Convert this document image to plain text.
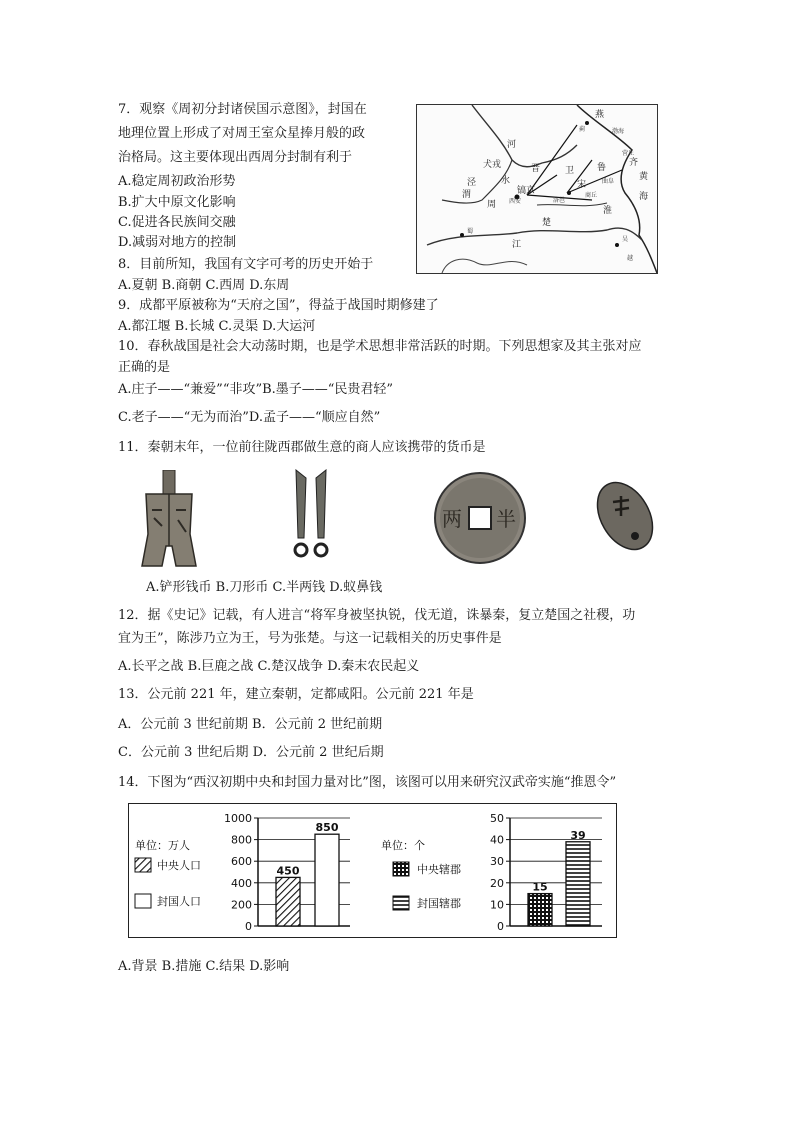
7．观察《周初分封诸侯国示意图》，封国在
地理位置上形成了对周王室众星捧月般的政
治格局。这主要体现出西周分封制有利于
A.稳定周初政治形势
B.扩大中原文化影响
C.促进各民族间交融
D.减弱对地方的控制
燕
犬戎	晋	卫	鲁	齐
宋
镐京
周
河
泾	水
江
渭
渤海
黄
海
蓟
洛邑
曲阜
营丘
楚
越
商丘
西安
淮
蜀
吴
8．目前所知，我国有文字可考的历史开始于
A.夏朝 B.商朝 C.西周 D.东周
9．成都平原被称为“天府之国”，得益于战国时期修建了
A.都江堰 B.长城 C.灵渠 D.大运河
10．春秋战国是社会大动荡时期，也是学术思想非常活跃的时期。下列思想家及其主张对应
正确的是
A.庄子——“兼爱”“非攻”B.墨子——“民贵君轻”
C.老子——“无为而治”D.孟子——“顺应自然”
11．秦朝末年，一位前往陇西郡做生意的商人应该携带的货币是
两 半
A.铲形钱币 B.刀形币 C.半两钱 D.蚁鼻钱
12．据《史记》记载，有人进言“将军身被坚执锐，伐无道，诛暴秦，复立楚国之社稷，功
宜为王”，陈涉乃立为王，号为张楚。与这一记载相关的历史事件是
A.长平之战 B.巨鹿之战 C.楚汉战争 D.秦末农民起义
13．公元前 221 年，建立秦朝，定都咸阳。公元前 221 年是
A．公元前 3 世纪前期 B．公元前 2 世纪前期
C．公元前 3 世纪后期 D．公元前 2 世纪后期
14．下图为“西汉初期中央和封国力量对比”图，该图可以用来研究汉武帝实施“推恩令”
单位：万人
中央人口
封国人口
0
200
400
600
800
1000
450
850
单位：个
中央辖郡
封国辖郡
0
10
20
30
40
50
15
39
A.背景 B.措施 C.结果 D.影响
